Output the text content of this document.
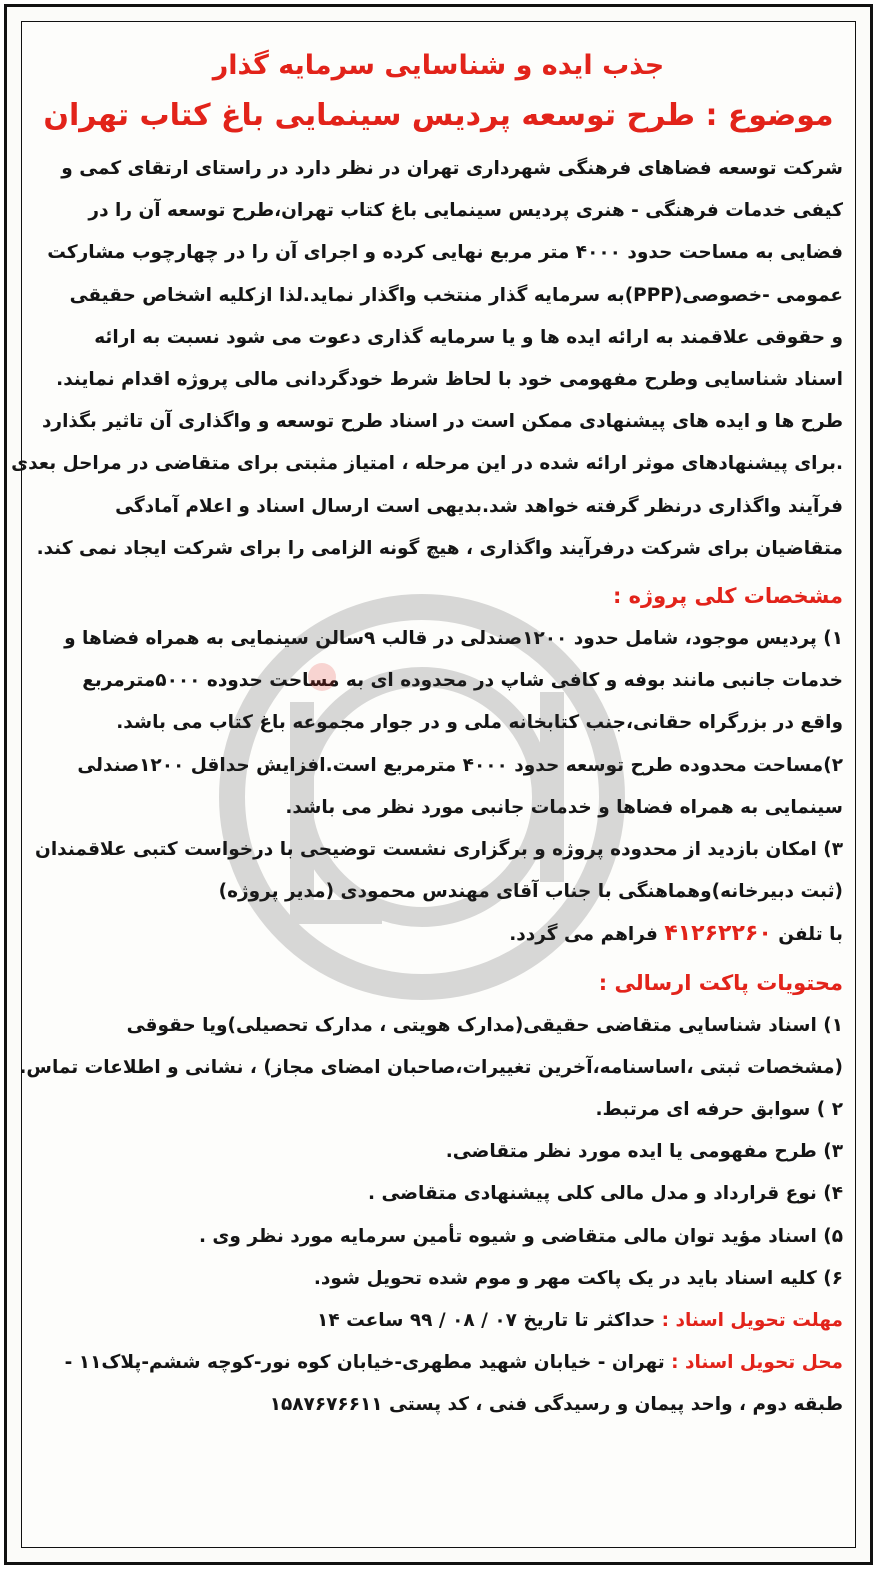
جذب ایده و شناسایی سرمایه گذار
موضوع : طرح توسعه پردیس سینمایی باغ کتاب تهران

شرکت توسعه فضاهای فرهنگی شهرداری تهران در نظر دارد در راستای ارتقای کمی و

کیفی خدمات فرهنگی - هنری پردیس سینمایی باغ کتاب تهران،طرح توسعه آن را در

فضایی به مساحت حدود ۴۰۰۰ متر مربع نهایی کرده و اجرای آن را در چهارچوب مشارکت

عمومی -خصوصی(PPP)به سرمایه گذار منتخب واگذار نماید.لذا ازکلیه اشخاص حقیقی

و حقوقی علاقمند به ارائه ایده ها و یا سرمایه گذاری دعوت می شود نسبت به ارائه

اسناد شناسایی وطرح مفهومی خود با لحاظ شرط خودگردانی مالی پروژه اقدام نمایند.

طرح ها و ایده های پیشنهادی ممکن است در اسناد طرح توسعه و واگذاری آن تاثیر بگذارد

.برای پیشنهادهای موثر ارائه شده در این مرحله ، امتیاز مثبتی برای متقاضی در مراحل بعدی

فرآیند واگذاری درنظر گرفته خواهد شد.بدیهی است ارسال اسناد و اعلام آمادگی

متقاضیان برای شرکت درفرآیند واگذاری ، هیچ گونه الزامی را برای شرکت ایجاد نمی کند.

مشخصات کلی پروژه :

۱) پردیس موجود، شامل حدود ۱۲۰۰صندلی در قالب ۹سالن سینمایی به همراه فضاها و

خدمات جانبی مانند بوفه و کافی شاپ در محدوده ای به مساحت حدوده ۵۰۰۰مترمربع

واقع در بزرگراه حقانی،جنب کتابخانه ملی و در جوار مجموعه باغ کتاب می باشد.

۲)مساحت محدوده طرح توسعه حدود ۴۰۰۰ مترمربع است.افزایش حداقل ۱۲۰۰صندلی

سینمایی به همراه فضاها و خدمات جانبی مورد نظر می باشد.

۳) امکان بازدید از محدوده پروژه و برگزاری نشست توضیحی با درخواست کتبی علاقمندان

(ثبت دبیرخانه)وهماهنگی با جناب آقای مهندس محمودی (مدیر پروژه)

با تلفن ۴۱۲۶۲۲۶۰ فراهم می گردد.

محتویات پاکت ارسالی :

۱) اسناد شناسایی متقاضی حقیقی(مدارک هویتی ، مدارک تحصیلی)ویا حقوقی

(مشخصات ثبتی ،اساسنامه،آخرین تغییرات،صاحبان امضای مجاز) ، نشانی و اطلاعات تماس.

۲ ) سوابق حرفه ای مرتبط.

۳) طرح مفهومی یا ایده مورد نظر متقاضی.

۴) نوع قرارداد و مدل مالی کلی پیشنهادی متقاضی .

۵) اسناد مؤید توان مالی متقاضی و شیوه تأمین سرمایه مورد نظر وی .

۶) کلیه اسناد باید در یک پاکت مهر و موم شده تحویل شود.

مهلت تحویل اسناد : حداکثر تا تاریخ ۰۷ / ۰۸ / ۹۹ ساعت ۱۴

محل تحویل اسناد : تهران - خیابان شهید مطهری-خیابان کوه نور-کوچه ششم-پلاک۱۱ -

طبقه دوم ، واحد پیمان و رسیدگی فنی ، کد پستی ۱۵۸۷۶۷۶۶۱۱
